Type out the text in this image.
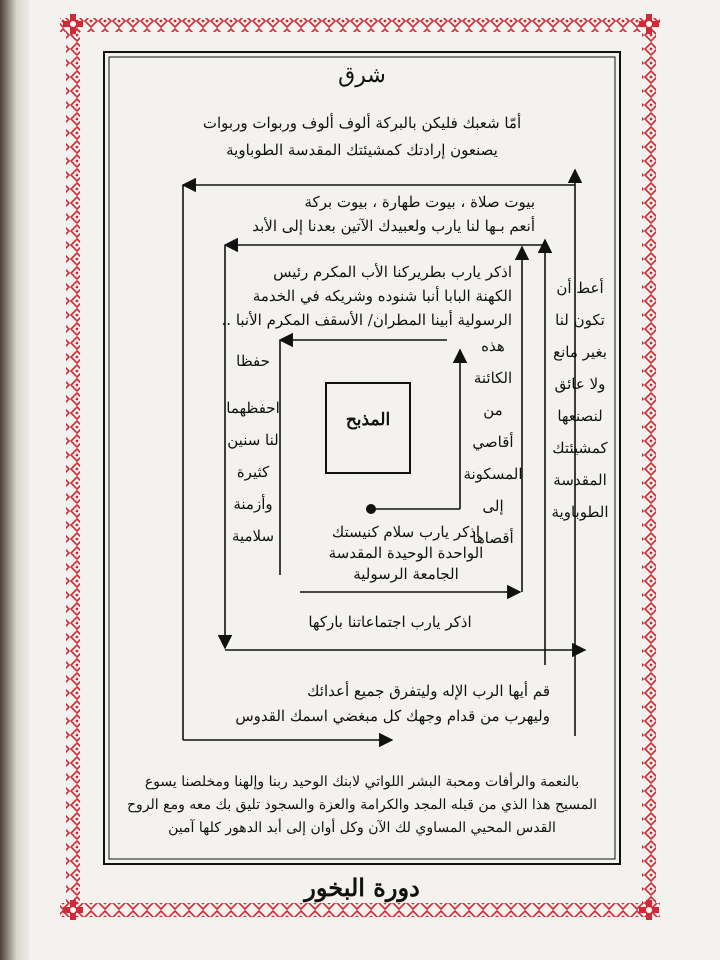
شرق
أمّا شعبك فليكن بالبركة ألوف ألوف وربوات وربوات
يصنعون إرادتك كمشيئتك المقدسة الطوباوية
بيوت صلاة ، بيوت طهارة ، بيوت بركة
أنعم بـها لنا يارب ولعبيدك الآتين بعدنا إلى الأبد
اذكر يارب بطريركنا الأب المكرم رئيس
الكهنة البابا أنبا شنوده وشريكه في الخدمة
الرسولية أبينا المطران/ الأسقف المكرم الأنبا ..
أعط أن
تكون لنا
بغير مانع
ولا عائق
لنصنعها
كمشيئتك
المقدسة
الطوباوية
هذه
الكائنة
من
أقاصي
المسكونة
إلى
أقصاها
حفظا
احفظهما
لنا سنين
كثيرة
وأزمنة
سلامية
المذبح
اذكر يارب سلام كنيستك
الواحدة الوحيدة المقدسة
الجامعة الرسولية
اذكر يارب اجتماعاتنا باركها
قم أيها الرب الإله وليتفرق جميع أعدائك
وليهرب من قدام وجهك كل مبغضي اسمك القدوس
بالنعمة والرأفات ومحبة البشر اللواتي لابنك الوحيد ربنا وإلهنا ومخلصنا يسوع
المسيح هذا الذي من قبله المجد والكرامة والعزة والسجود تليق بك معه ومع الروح
القدس المحيي المساوي لك الآن وكل أوان إلى أبد الدهور كلها آمين
دورة البخور
